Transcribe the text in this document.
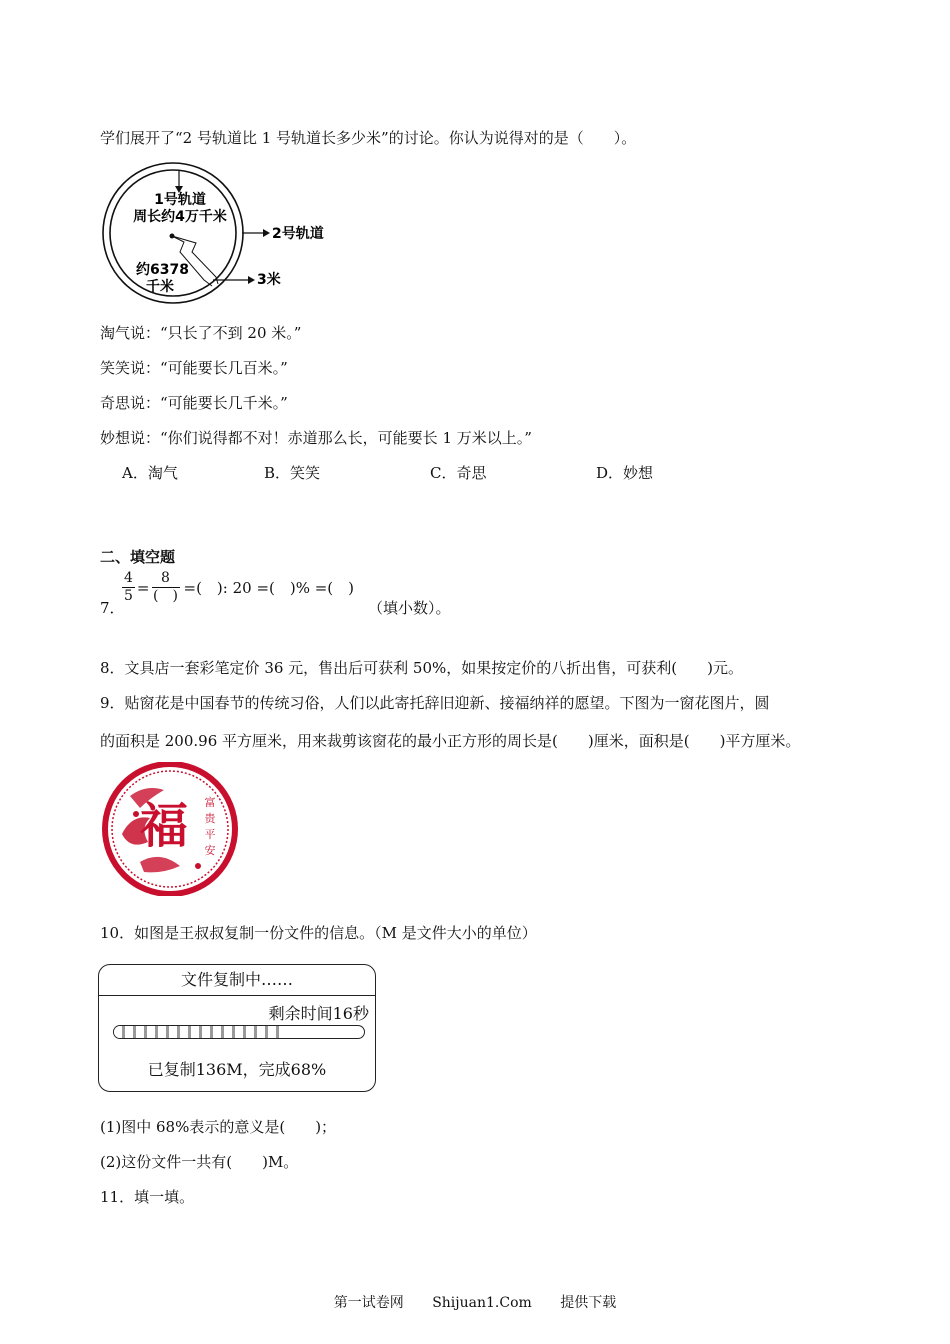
学们展开了“2 号轨道比 1 号轨道长多少米”的讨论。你认为说得对的是（　　）。
1号轨道
周长约4万千米
2号轨道
约6378
千米	3米
淘气说：“只长了不到 20 米。”
笑笑说：“可能要长几百米。”
奇思说：“可能要长几千米。”
妙想说：“你们说得都不对！赤道那么长，可能要长 1 万米以上。”
A．淘气	B．笑笑	C．奇思	D．妙想
二、填空题
7．
$\frac{4}{5} = \frac{8}{( )}$ =(　): 20 =(　)% =(　)
（填小数）。
8．文具店一套彩笔定价 36 元，售出后可获利 50%，如果按定价的八折出售，可获利(　　)元。
9．贴窗花是中国春节的传统习俗，人们以此寄托辞旧迎新、接福纳祥的愿望。下图为一窗花图片，圆
的面积是 200.96 平方厘米，用来裁剪该窗花的最小正方形的周长是(　　)厘米，面积是(　　)平方厘米。
福 富
贵
平
安
10．如图是王叔叔复制一份文件的信息。（M 是文件大小的单位）
文件复制中……
剩余时间16秒
已复制136M，完成68%
(1)图中 68%表示的意义是(　　)；
(2)这份文件一共有(　　)M。
11．填一填。
第一试卷网 Shijuan1.Com 提供下载
